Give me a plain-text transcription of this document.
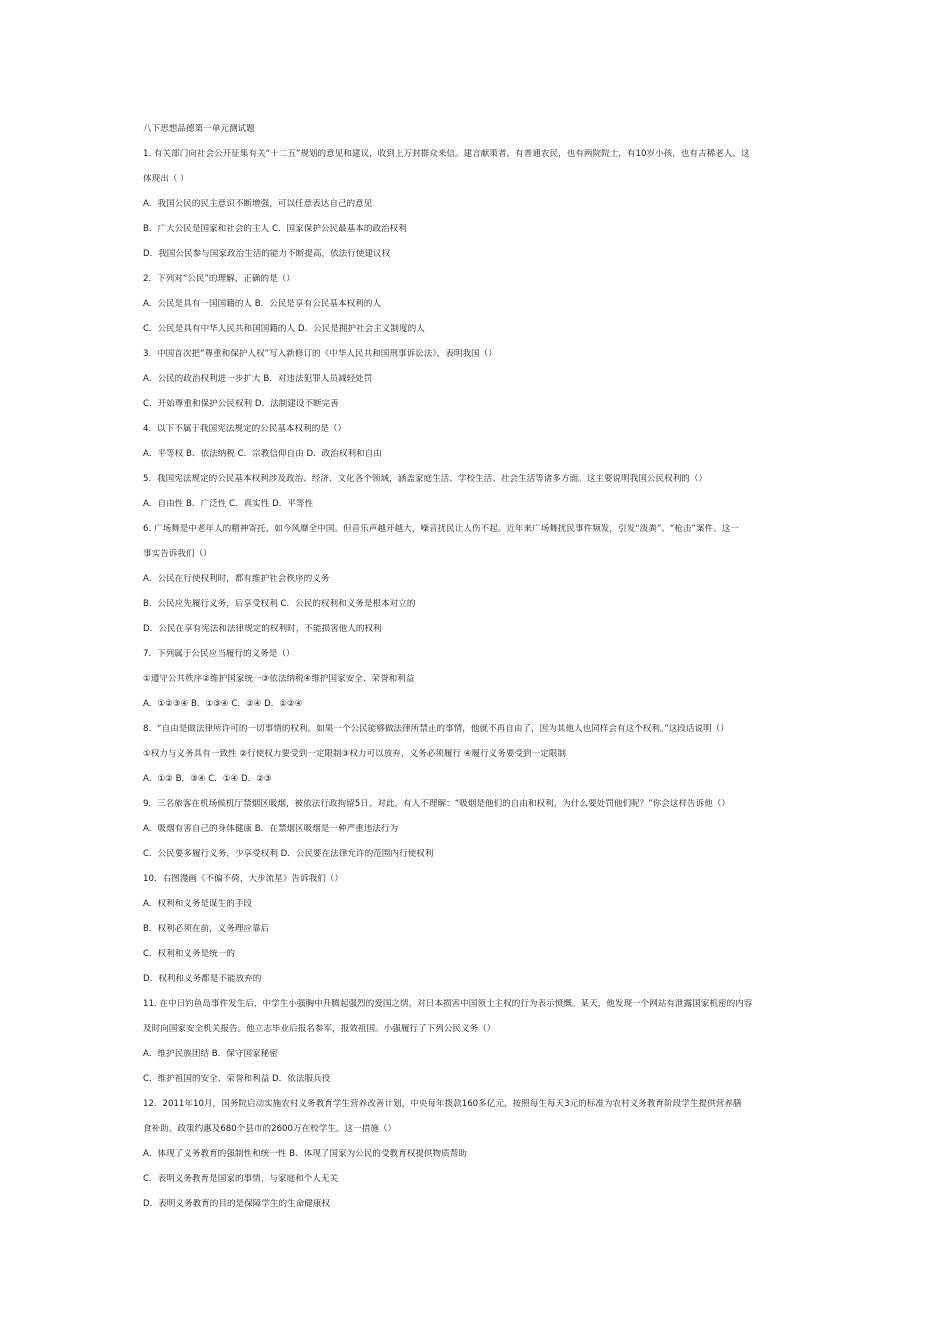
八下思想品德第一单元测试题
1. 有关部门向社会公开征集有关“十二五”规划的意见和建议，收到上万封群众来信。建言献策者，有普通农民，也有两院院士，有10岁小孩，也有古稀老人。这
体现出（ ）
A．我国公民的民主意识不断增强，可以任意表达自己的意见
B．广大公民是国家和社会的主人 C．国家保护公民最基本的政治权利
D．我国公民参与国家政治生活的能力不断提高，依法行使建议权
2．下列对“公民”的理解，正确的是（）
A．公民是具有一国国籍的人 B．公民是享有公民基本权利的人
C．公民是具有中华人民共和国国籍的人 D．公民是拥护社会主义制度的人
3．中国首次把“尊重和保护人权”写入新修订的《中华人民共和国刑事诉讼法》，表明我国（）
A．公民的政治权利进一步扩大 B．对违法犯罪人员减轻处罚
C．开始尊重和保护公民权利 D．法制建设不断完善
4．以下不属于我国宪法规定的公民基本权利的是（）
A．平等权 B．依法纳税 C．宗教信仰自由 D．政治权利和自由
5．我国宪法规定的公民基本权利涉及政治、经济、文化各个领域，涵盖家庭生活、学校生活、社会生活等诸多方面。这主要说明我国公民权利的（）
A．自由性 B．广泛性 C．真实性 D．平等性
6. 广场舞是中老年人的精神寄托，如今风靡全中国。但音乐声越开越大，噪音扰民让人伤不起。近年来广场舞扰民事件频发，引发“泼粪”、“枪击”案件。这一
事实告诉我们（）
A．公民在行使权利时，都有维护社会秩序的义务
B．公民应先履行义务，后享受权利 C．公民的权利和义务是根本对立的
D．公民在享有宪法和法律规定的权利时，不能损害他人的权利
7．下列属于公民应当履行的义务是（）
①遵守公共秩序②维护国家统一③依法纳税④维护国家安全、荣誉和利益
A．①②③④ B．①③④ C．②④ D．①②④
8．“自由是做法律所许可的一切事情的权利。如果一个公民能够做法律所禁止的事情，他就不再自由了，因为其他人也同样会有这个权利。”这段话说明（）
①权力与义务具有一致性 ②行使权力要受到一定限制③权力可以放弃，义务必须履行 ④履行义务要受到一定限制
A．①② B．③④ C．①④ D．②③
9．三名旅客在机场候机厅禁烟区吸烟，被依法行政拘留5日。对此，有人不理解：“吸烟是他们的自由和权利，为什么要处罚他们呢？”你会这样告诉他（）
A．吸烟有害自己的身体健康 B．在禁烟区吸烟是一种严重违法行为
C．公民要多履行义务，少享受权利 D．公民要在法律允许的范围内行使权利
10．右图漫画《不偏不倚，大步流星》告诉我们（）
A．权利和义务是谋生的手段
B．权利必须在前，义务理应靠后
C．权利和义务是统一的
D．权利和义务都是不能放弃的
11. 在中日钓鱼岛事件发生后，中学生小强胸中升腾起强烈的爱国之情，对日本损害中国领土主权的行为表示愤慨。某天，他发现一个网站有泄露国家机密的内容
及时向国家安全机关报告。他立志毕业后报名参军，报效祖国。小强履行了下列公民义务（）
A．维护民族团结 B．保守国家秘密
C．维护祖国的安全、荣誉和利益 D．依法服兵役
12．2011年10月，国务院启动实施农村义务教育学生营养改善计划，中央每年拨款160多亿元，按照每生每天3元的标准为农村义务教育阶段学生提供营养膳
食补助。政策约惠及680个县市的2600万在校学生。这一措施（）
A．体现了义务教育的强制性和统一性 B．体现了国家为公民的受教育权提供物质帮助
C．表明义务教育是国家的事情，与家庭和个人无关
D．表明义务教育的目的是保障学生的生命健康权
